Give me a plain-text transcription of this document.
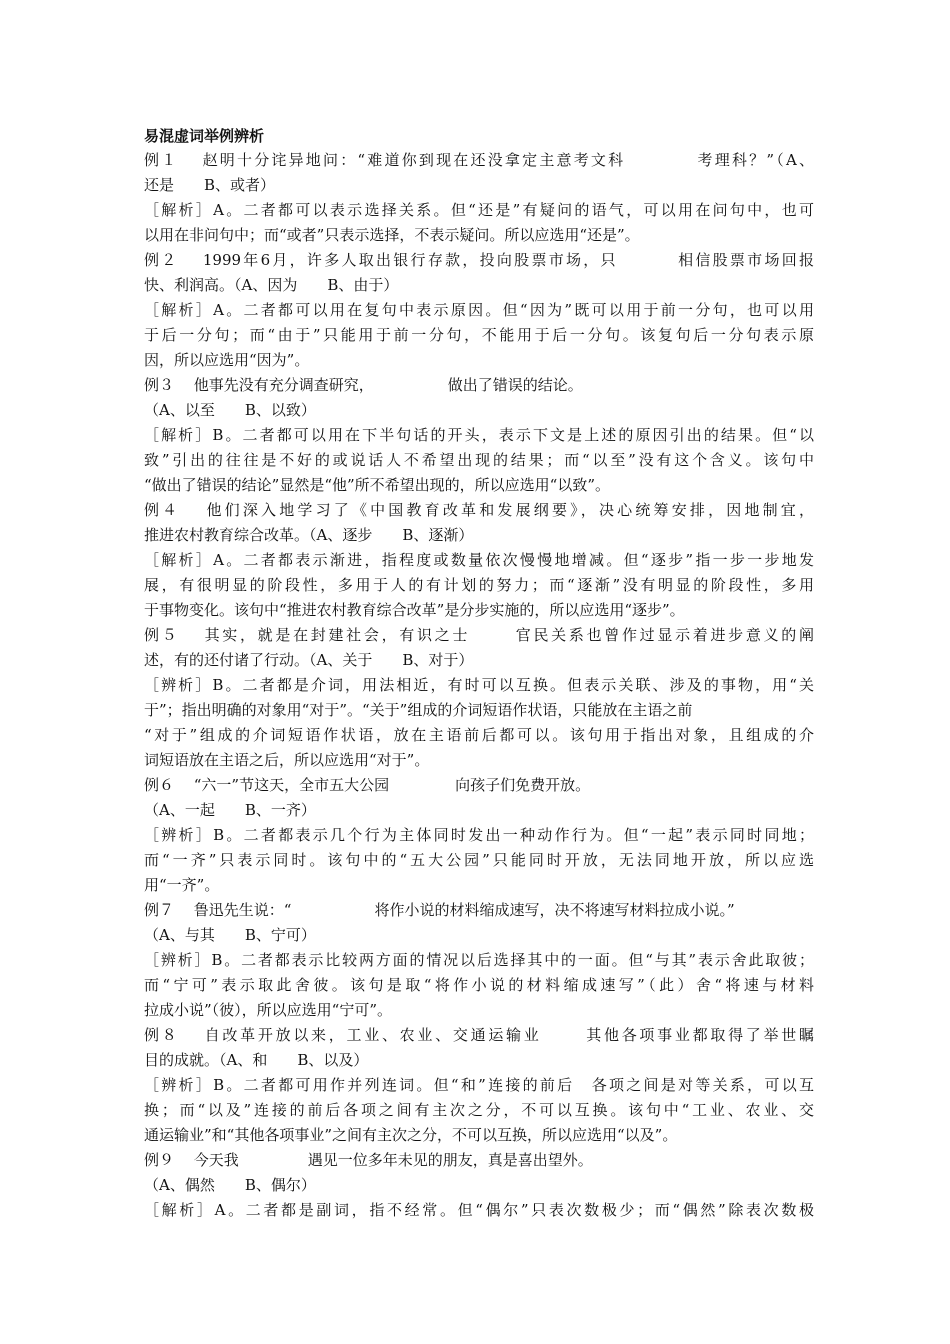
易混虚词举例辨析
例１　 赵明十分诧异地问：“难道你到现在还没拿定主意考文科	考理科？”（A、
还是　　B、或者）
［解析］A。二者都可以表示选择关系。但“还是”有疑问的语气，可以用在问句中，也可
以用在非问句中；而“或者”只表示选择，不表示疑问。所以应选用“还是”。
例２　 1999年6月，许多人取出银行存款，投向股票市场，只	相信股票市场回报
快、利润高。（A、因为　　B、由于）
［解析］A。二者都可以用在复句中表示原因。但“因为”既可以用于前一分句，也可以用
于后一分句；而“由于”只能用于前一分句，不能用于后一分句。该复句后一分句表示原
因，所以应选用“因为”。
例３　 他事先没有充分调查研究，	做出了错误的结论。
（A、以至　　B、以致）
［解析］B。二者都可以用在下半句话的开头，表示下文是上述的原因引出的结果。但“以
致”引出的往往是不好的或说话人不希望出现的结果；而“以至”没有这个含义。该句中
“做出了错误的结论”显然是“他”所不希望出现的，所以应选用“以致”。
例４　 他们深入地学习了《中国教育改革和发展纲要》，决心统筹安排，因地制宜，
推进农村教育综合改革。（A、逐步　　B、逐渐）
［解析］A。二者都表示渐进，指程度或数量依次慢慢地增减。但“逐步”指一步一步地发
展，有很明显的阶段性，多用于人的有计划的努力；而“逐渐”没有明显的阶段性，多用
于事物变化。该句中“推进农村教育综合改革”是分步实施的，所以应选用“逐步”。
例５　 其实，就是在封建社会，有识之士	官民关系也曾作过显示着进步意义的阐
述，有的还付诸了行动。（A、关于　　B、对于）
［辨析］B。二者都是介词，用法相近，有时可以互换。但表示关联、涉及的事物，用“关
于”；指出明确的对象用“对于”。“关于”组成的介词短语作状语，只能放在主语之前
“对于”组成的介词短语作状语，放在主语前后都可以。该句用于指出对象，且组成的介
词短语放在主语之后，所以应选用“对于”。
例６　 “六一”节这天，全市五大公园	向孩子们免费开放。
（A、一起　　B、一齐）
［辨析］B。二者都表示几个行为主体同时发出一种动作行为。但“一起”表示同时同地；
而“一齐”只表示同时。该句中的“五大公园”只能同时开放，无法同地开放，所以应选
用“一齐”。
例７　 鲁迅先生说：“	将作小说的材料缩成速写，决不将速写材料拉成小说。”
（A、与其　　B、宁可）
［辨析］B。二者都表示比较两方面的情况以后选择其中的一面。但“与其”表示舍此取彼；
而“宁可”表示取此舍彼。该句是取“将作小说的材料缩成速写”（此）舍“将速与材料
拉成小说”（彼），所以应选用“宁可”。
例８　 自改革开放以来，工业、农业、交通运输业	其他各项事业都取得了举世瞩
目的成就。（A、和　　B、以及）
［辨析］B。二者都可用作并列连词。但“和”连接的前后　各项之间是对等关系，可以互
换；而“以及”连接的前后各项之间有主次之分，不可以互换。该句中“工业、农业、交
通运输业”和“其他各项事业”之间有主次之分，不可以互换，所以应选用“以及”。
例９　 今天我	遇见一位多年未见的朋友，真是喜出望外。
（A、偶然　　B、偶尔）
［解析］A。二者都是副词，指不经常。但“偶尔”只表次数极少；而“偶然”除表次数极
